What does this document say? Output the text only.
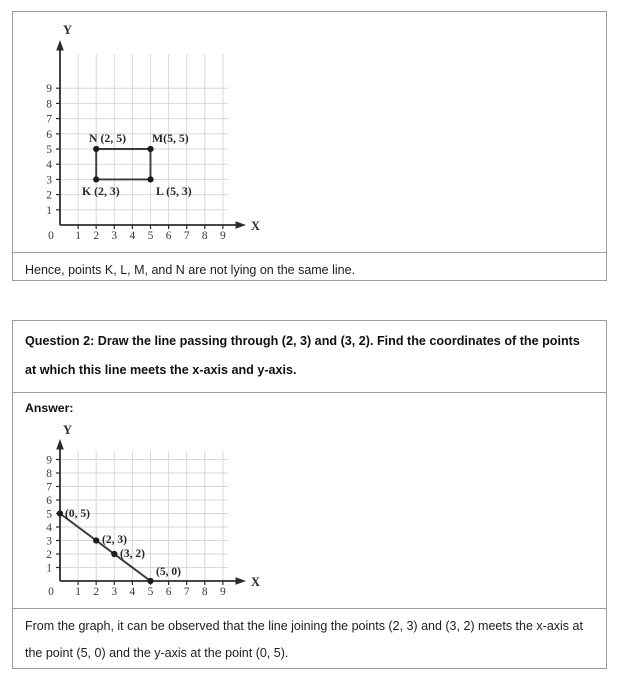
Y
X
0 1 2 3 4 5 6 7 8 9
1
2
3
4
5
6
7
8
9
N (2, 5) M(5, 5)
K (2, 3)	L (5, 3)
Hence, points K, L, M, and N are not lying on the same line.
Question 2: Draw the line passing through (2, 3) and (3, 2). Find the coordinates of the points at which this line meets the x-axis and y-axis.
Answer:
Y
X
0 1 2 3 4 5 6 7 8 9
1
2
3
4
5
6
7
8
9
(0, 5)
(2, 3)
(3, 2)
(5, 0)
From the graph, it can be observed that the line joining the points (2, 3) and (3, 2) meets the x-axis at the point (5, 0) and the y-axis at the point (0, 5).
